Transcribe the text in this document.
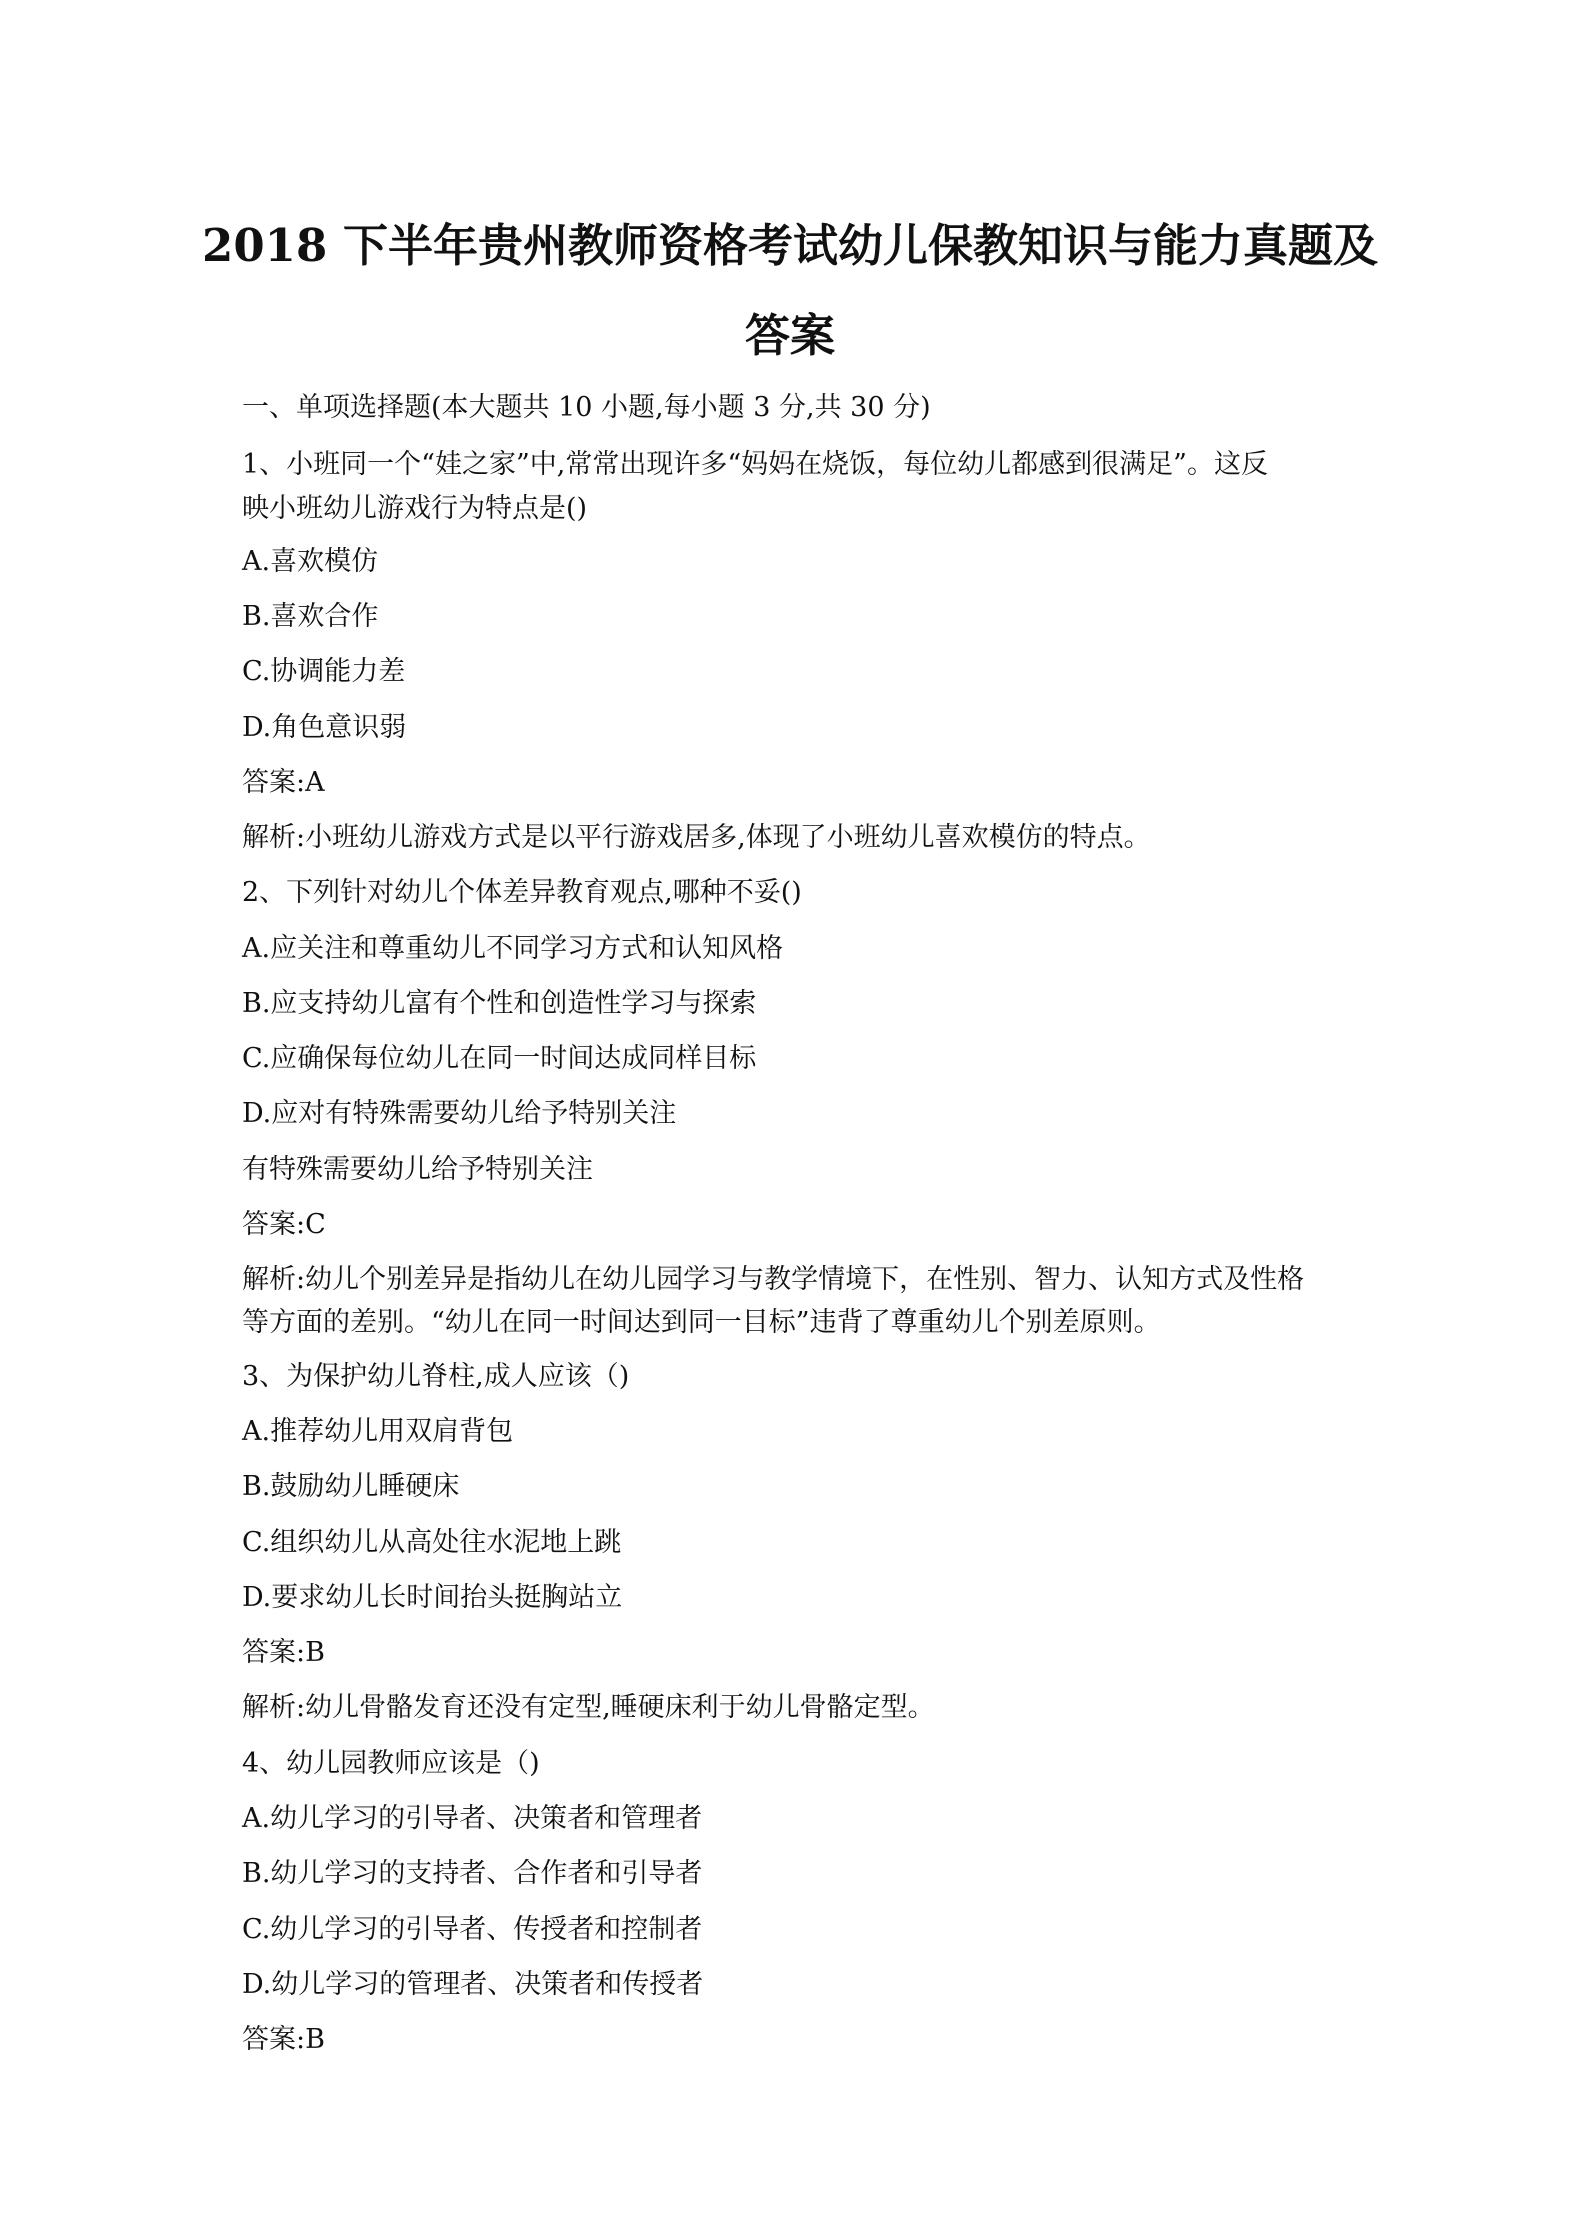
2018 下半年贵州教师资格考试幼儿保教知识与能力真题及
答案
一、单项选择题(本大题共 10 小题,每小题 3 分,共 30 分)
1、小班同一个“娃之家”中,常常出现许多“妈妈在烧饭，每位幼儿都感到很满足”。这反
映小班幼儿游戏行为特点是()
A.喜欢模仿
B.喜欢合作
C.协调能力差
D.角色意识弱
答案:A
解析:小班幼儿游戏方式是以平行游戏居多,体现了小班幼儿喜欢模仿的特点。
2、下列针对幼儿个体差异教育观点,哪种不妥()
A.应关注和尊重幼儿不同学习方式和认知风格
B.应支持幼儿富有个性和创造性学习与探索
C.应确保每位幼儿在同一时间达成同样目标
D.应对有特殊需要幼儿给予特别关注
有特殊需要幼儿给予特别关注
答案:C
解析:幼儿个别差异是指幼儿在幼儿园学习与教学情境下，在性别、智力、认知方式及性格
等方面的差别。“幼儿在同一时间达到同一目标”违背了尊重幼儿个别差原则。
3、为保护幼儿脊柱,成人应该（)
A.推荐幼儿用双肩背包
B.鼓励幼儿睡硬床
C.组织幼儿从高处往水泥地上跳
D.要求幼儿长时间抬头挺胸站立
答案:B
解析:幼儿骨骼发育还没有定型,睡硬床利于幼儿骨骼定型。
4、幼儿园教师应该是（)
A.幼儿学习的引导者、决策者和管理者
B.幼儿学习的支持者、合作者和引导者
C.幼儿学习的引导者、传授者和控制者
D.幼儿学习的管理者、决策者和传授者
答案:B
